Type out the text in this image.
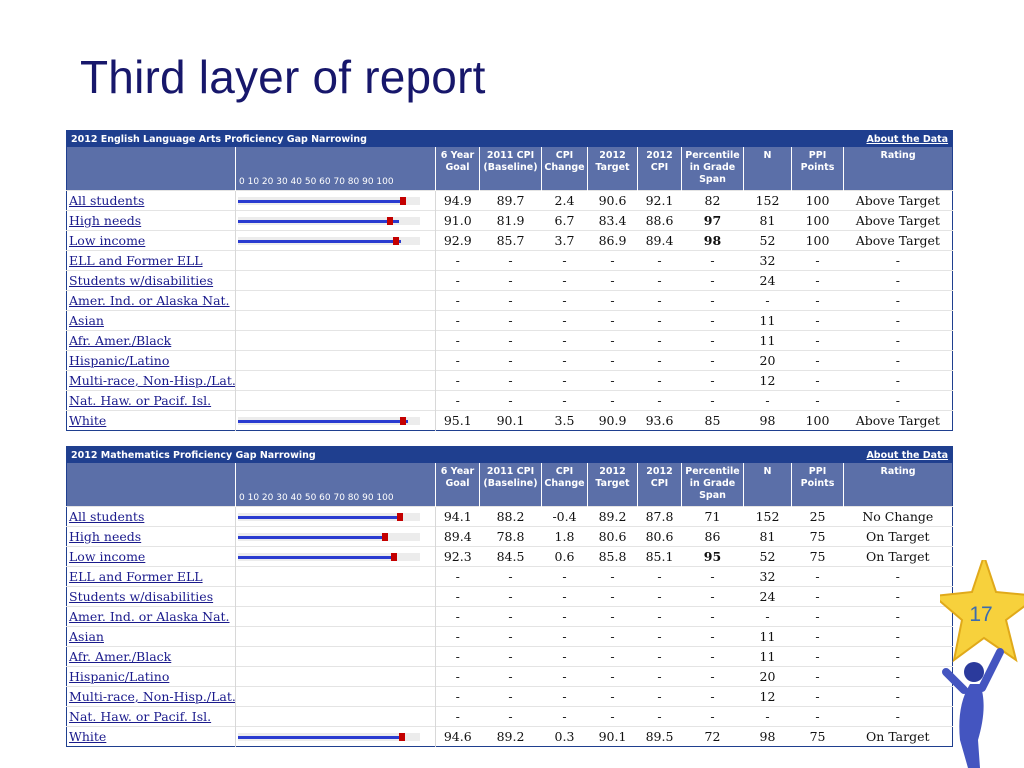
Third layer of report
2012 English Language Arts Proficiency Gap Narrowing										About the Data
	0 10 20 30 40 50 60 70 80 90 100	6 Year Goal	2011 CPI (Baseline)	CPI Change	2012 Target	2012 CPI	Percentile in Grade Span	N	PPI Points	Rating
All students		94.9	89.7	2.4	90.6	92.1	82	152	100	Above Target
High needs		91.0	81.9	6.7	83.4	88.6	97	81	100	Above Target
Low income		92.9	85.7	3.7	86.9	89.4	98	52	100	Above Target
ELL and Former ELL		-	-	-	-	-	-	32	-	-
Students w/disabilities		-	-	-	-	-	-	24	-	-
Amer. Ind. or Alaska Nat.		-	-	-	-	-	-	-	-	-
Asian		-	-	-	-	-	-	11	-	-
Afr. Amer./Black		-	-	-	-	-	-	11	-	-
Hispanic/Latino		-	-	-	-	-	-	20	-	-
Multi-race, Non-Hisp./Lat.		-	-	-	-	-	-	12	-	-
Nat. Haw. or Pacif. Isl.		-	-	-	-	-	-	-	-	-
White		95.1	90.1	3.5	90.9	93.6	85	98	100	Above Target
2012 Mathematics Proficiency Gap Narrowing										About the Data
	0 10 20 30 40 50 60 70 80 90 100	6 Year Goal	2011 CPI (Baseline)	CPI Change	2012 Target	2012 CPI	Percentile in Grade Span	N	PPI Points	Rating
All students		94.1	88.2	-0.4	89.2	87.8	71	152	25	No Change
High needs		89.4	78.8	1.8	80.6	80.6	86	81	75	On Target
Low income		92.3	84.5	0.6	85.8	85.1	95	52	75	On Target
ELL and Former ELL		-	-	-	-	-	-	32	-	-
Students w/disabilities		-	-	-	-	-	-	24	-	-
Amer. Ind. or Alaska Nat.		-	-	-	-	-	-	-	-	-
Asian		-	-	-	-	-	-	11	-	-
Afr. Amer./Black		-	-	-	-	-	-	11	-	-
Hispanic/Latino		-	-	-	-	-	-	20	-	-
Multi-race, Non-Hisp./Lat.		-	-	-	-	-	-	12	-	-
Nat. Haw. or Pacif. Isl.		-	-	-	-	-	-	-	-	-
White		94.6	89.2	0.3	90.1	89.5	72	98	75	On Target
17
